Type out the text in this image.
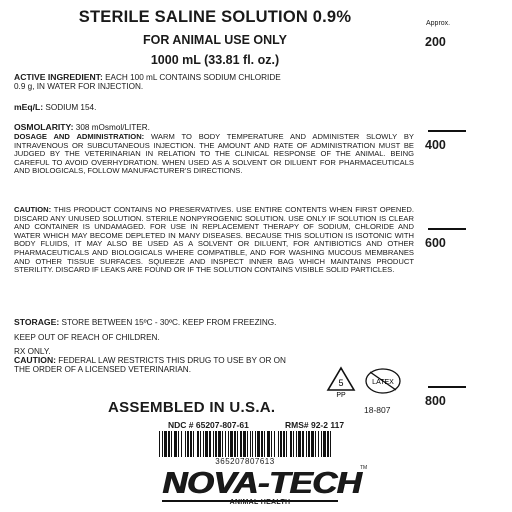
STERILE SALINE SOLUTION 0.9%
FOR ANIMAL USE ONLY
1000 mL (33.81 fl. oz.)
Approx.
200
400
600
800
ACTIVE INGREDIENT: EACH 100 mL CONTAINS SODIUM CHLORIDE
0.9 g, IN WATER FOR INJECTION.
mEq/L: SODIUM 154.
OSMOLARITY: 308 mOsmol/LITER.
DOSAGE AND ADMINISTRATION: WARM TO BODY TEMPERATURE AND ADMINISTER SLOWLY BY INTRAVENOUS OR SUBCUTANEOUS INJECTION. THE AMOUNT AND RATE OF ADMINISTRATION MUST BE JUDGED BY THE VETERINARIAN IN RELATION TO THE CLINICAL RESPONSE OF THE ANIMAL. BEING CAREFUL TO AVOID OVERHYDRATION. WHEN USED AS A SOLVENT OR DILUENT FOR PHARMACEUTICALS AND BIOLOGICALS, FOLLOW MANUFACTURER'S DIRECTIONS.
CAUTION: THIS PRODUCT CONTAINS NO PRESERVATIVES. USE ENTIRE CONTENTS WHEN FIRST OPENED. DISCARD ANY UNUSED SOLUTION. STERILE NONPYROGENIC SOLUTION. USE ONLY IF SOLUTION IS CLEAR AND CONTAINER IS UNDAMAGED. FOR USE IN REPLACEMENT THERAPY OF SODIUM, CHLORIDE AND WATER WHICH MAY BECOME DEPLETED IN MANY DISEASES. BECAUSE THIS SOLUTION IS ISOTONIC WITH BODY FLUIDS, IT MAY ALSO BE USED AS A SOLVENT OR DILUENT, FOR ANTIBIOTICS AND OTHER PHARMACEUTICALS AND BIOLOGICALS WHERE COMPATIBLE, AND FOR WASHING MUCOUS MEMBRANES AND OTHER TISSUE SURFACES. SQUEEZE AND INSPECT INNER BAG WHICH MAINTAINS PRODUCT STERILITY. DISCARD IF LEAKS ARE FOUND OR IF THE SOLUTION CONTAINS VISIBLE SOLID PARTICLES.
STORAGE: STORE BETWEEN 15ºC - 30ºC. KEEP FROM FREEZING.
KEEP OUT OF REACH OF CHILDREN.
RX ONLY.
CAUTION: FEDERAL LAW RESTRICTS THIS DRUG TO USE BY OR ON
THE ORDER OF A LICENSED VETERINARIAN.
5
PP
LATEX
ASSEMBLED IN U.S.A.	18-807
NDC # 65207-807-61	RMS# 92-2 117
365207807613
NOVA-TECH TM
ANIMAL HEALTH
